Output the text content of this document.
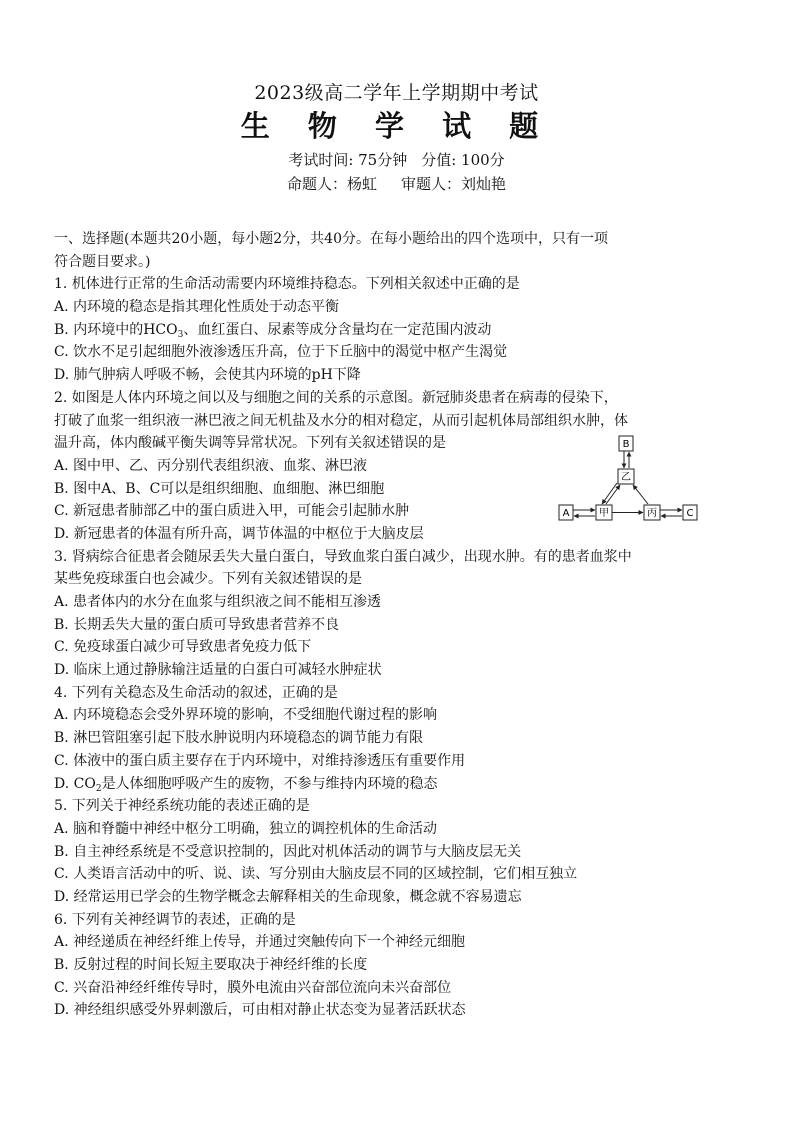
2023级高二学年上学期期中考试
生 物 学 试 题
考试时间: 75分钟 分值: 100分
命题人：杨虹 审题人：刘灿艳
一、选择题(本题共20小题，每小题2分，共40分。在每小题给出的四个选项中，只有一项
符合题目要求。)
1. 机体进行正常的生命活动需要内环境维持稳态。下列相关叙述中正确的是
A. 内环境的稳态是指其理化性质处于动态平衡
B. 内环境中的$HCO_3$、血红蛋白、尿素等成分含量均在一定范围内波动
C. 饮水不足引起细胞外液渗透压升高，位于下丘脑中的渴觉中枢产生渴觉
D. 肺气肿病人呼吸不畅，会使其内环境的pH下降
2. 如图是人体内环境之间以及与细胞之间的关系的示意图。新冠肺炎患者在病毒的侵染下，
打破了血浆一组织液一淋巴液之间无机盐及水分的相对稳定，从而引起机体局部组织水肿，体
温升高，体内酸碱平衡失调等异常状况。下列有关叙述错误的是
A. 图中甲、乙、丙分别代表组织液、血浆、淋巴液
B. 图中A、B、C可以是组织细胞、血细胞、淋巴细胞
C. 新冠患者肺部乙中的蛋白质进入甲，可能会引起肺水肿
D. 新冠患者的体温有所升高，调节体温的中枢位于大脑皮层
3. 肾病综合征患者会随尿丢失大量白蛋白，导致血浆白蛋白减少，出现水肿。有的患者血浆中
某些免疫球蛋白也会减少。下列有关叙述错误的是
A. 患者体内的水分在血浆与组织液之间不能相互渗透
B. 长期丢失大量的蛋白质可导致患者营养不良
C. 免疫球蛋白减少可导致患者免疫力低下
D. 临床上通过静脉输注适量的白蛋白可减轻水肿症状
4. 下列有关稳态及生命活动的叙述，正确的是
A. 内环境稳态会受外界环境的影响，不受细胞代谢过程的影响
B. 淋巴管阻塞引起下肢水肿说明内环境稳态的调节能力有限
C. 体液中的蛋白质主要存在于内环境中，对维持渗透压有重要作用
D. $CO_2$是人体细胞呼吸产生的废物，不参与维持内环境的稳态
5. 下列关于神经系统功能的表述正确的是
A. 脑和脊髓中神经中枢分工明确，独立的调控机体的生命活动
B. 自主神经系统是不受意识控制的，因此对机体活动的调节与大脑皮层无关
C. 人类语言活动中的听、说、读、写分别由大脑皮层不同的区域控制，它们相互独立
D. 经常运用已学会的生物学概念去解释相关的生命现象，概念就不容易遗忘
6. 下列有关神经调节的表述，正确的是
A. 神经递质在神经纤维上传导，并通过突触传向下一个神经元细胞
B. 反射过程的时间长短主要取决于神经纤维的长度
C. 兴奋沿神经纤维传导时，膜外电流由兴奋部位流向未兴奋部位
D. 神经组织感受外界刺激后，可由相对静止状态变为显著活跃状态
B
乙
A	甲	丙	C
